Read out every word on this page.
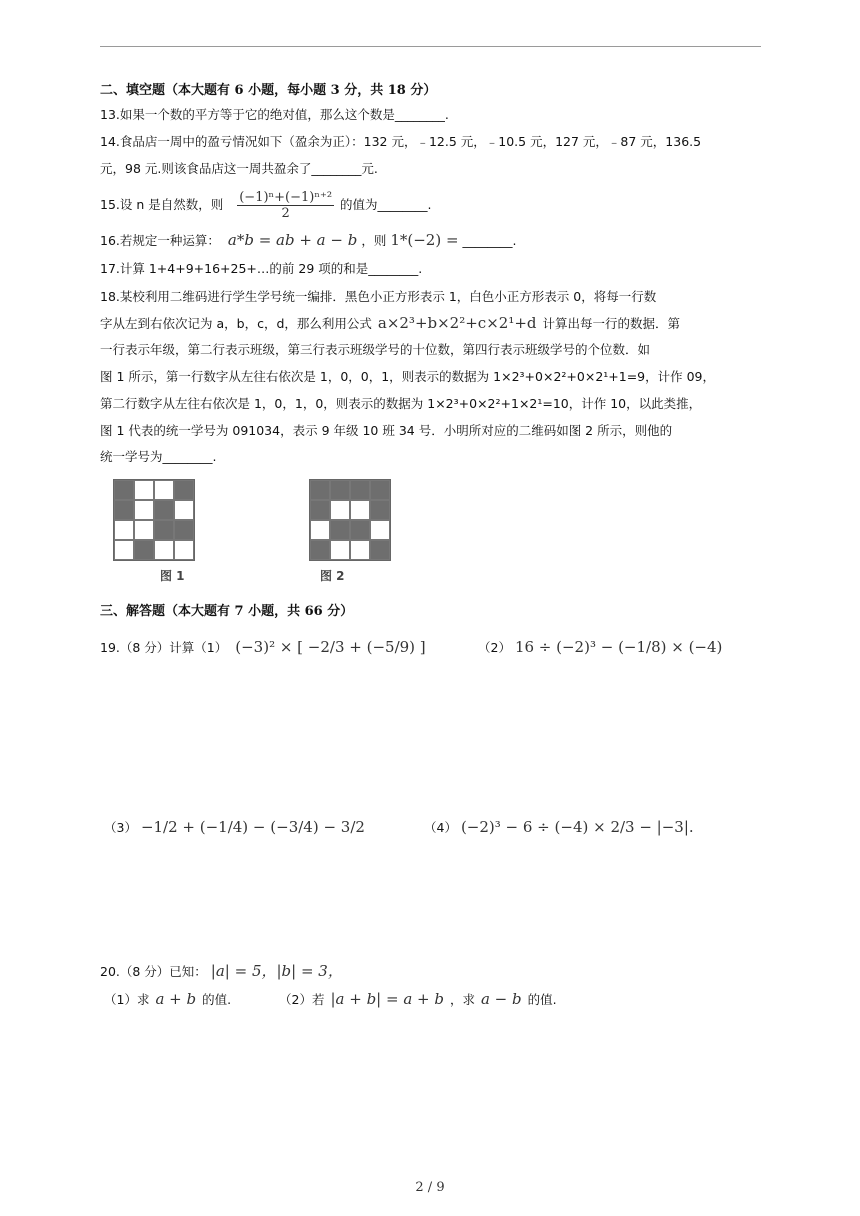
二、填空题（本大题有 6 小题，每小题 3 分，共 18 分）
13.如果一个数的平方等于它的绝对值，那么这个数是________.
14.食品店一周中的盈亏情况如下（盈余为正）：132 元，﹣12.5 元，﹣10.5 元，127 元，﹣87 元，136.5
元，98 元.则该食品店这一周共盈余了________元.
15.设 n 是自然数，则 $\frac{\text{(−1)ⁿ+(−1)ⁿ⁺²}}{2}$ 的值为________.
16.若规定一种运算： a*b = ab + a − b ，则 1*(−2) = ________.
17.计算 1+4+9+16+25+…的前 29 项的和是________.
18.某校利用二维码进行学生学号统一编排．黑色小正方形表示 1，白色小正方形表示 0，将每一行数
字从左到右依次记为 a，b，c，d，那么利用公式 a×2³+b×2²+c×2¹+d 计算出每一行的数据．第
一行表示年级，第二行表示班级，第三行表示班级学号的十位数，第四行表示班级学号的个位数．如
图 1 所示，第一行数字从左往右依次是 1，0，0，1，则表示的数据为 1×2³+0×2²+0×2¹+1=9，计作 09，
第二行数字从左往右依次是 1，0，1，0，则表示的数据为 1×2³+0×2²+1×2¹=10，计作 10，以此类推，
图 1 代表的统一学号为 091034，表示 9 年级 10 班 34 号．小明所对应的二维码如图 2 所示，则他的
统一学号为________.
图 1	图 2
三、解答题（本大题有 7 小题，共 66 分）
19.（8 分）计算（1） (−3)² × [ −2/3 + (−5/9) ]	（2） 16 ÷ (−2)³ − (−1/8) × (−4)
（3） −1/2 + (−1/4) − (−3/4) − 3/2	（4） (−2)³ − 6 ÷ (−4) × 2/3 − |−3|.
20.（8 分）已知： |a| = 5，|b| = 3，
（1）求 a + b 的值.	（2）若 |a + b| = a + b ，求 a − b 的值.
2 / 9
